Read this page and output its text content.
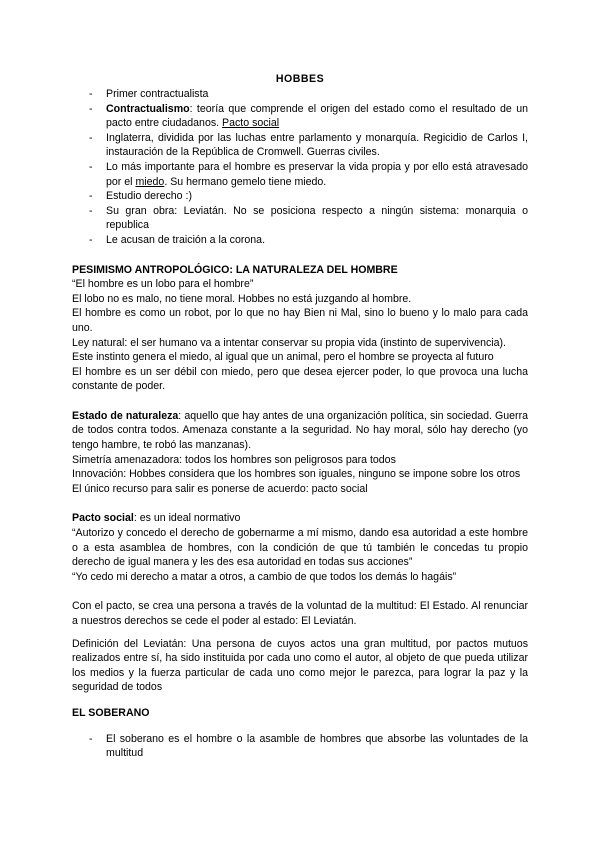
HOBBES
- Primer contractualista
- Contractualismo: teoría que comprende el origen del estado como el resultado de un pacto entre ciudadanos. Pacto social
- Inglaterra, dividida por las luchas entre parlamento y monarquía. Regicidio de Carlos I, instauración de la República de Cromwell. Guerras civiles.
- Lo más importante para el hombre es preservar la vida propia y por ello está atravesado por el miedo. Su hermano gemelo tiene miedo.
- Estudio derecho :)
- Su gran obra: Leviatán. No se posiciona respecto a ningún sistema: monarquia o republica
- Le acusan de traición a la corona.
PESIMISMO ANTROPOLÓGICO: LA NATURALEZA DEL HOMBRE

“El hombre es un lobo para el hombre”

El lobo no es malo, no tiene moral. Hobbes no está juzgando al hombre.

El hombre es como un robot, por lo que no hay Bien ni Mal, sino lo bueno y lo malo para cada uno.

Ley natural: el ser humano va a intentar conservar su propia vida (instinto de supervivencia).

Este instinto genera el miedo, al igual que un animal, pero el hombre se proyecta al futuro

El hombre es un ser débil con miedo, pero que desea ejercer poder, lo que provoca una lucha constante de poder.

Estado de naturaleza: aquello que hay antes de una organización política, sin sociedad. Guerra de todos contra todos. Amenaza constante a la seguridad. No hay moral, sólo hay derecho (yo tengo hambre, te robó las manzanas).

Simetría amenazadora: todos los hombres son peligrosos para todos

Innovación: Hobbes considera que los hombres son iguales, ninguno se impone sobre los otros

El único recurso para salir es ponerse de acuerdo: pacto social

Pacto social: es un ideal normativo

“Autorizo y concedo el derecho de gobernarme a mí mismo, dando esa autoridad a este hombre o a esta asamblea de hombres, con la condición de que tú también le concedas tu propio derecho de igual manera y les des esa autoridad en todas sus acciones”

“Yo cedo mi derecho a matar a otros, a cambio de que todos los demás lo hagáis”

Con el pacto, se crea una persona a través de la voluntad de la multitud: El Estado. Al renunciar a nuestros derechos se cede el poder al estado: El Leviatán.

Definición del Leviatán: Una persona de cuyos actos una gran multitud, por pactos mutuos realizados entre sí, ha sido instituida por cada uno como el autor, al objeto de que pueda utilizar los medios y la fuerza particular de cada uno como mejor le parezca, para lograr la paz y la seguridad de todos

EL SOBERANO
- El soberano es el hombre o la asamble de hombres que absorbe las voluntades de la multitud
